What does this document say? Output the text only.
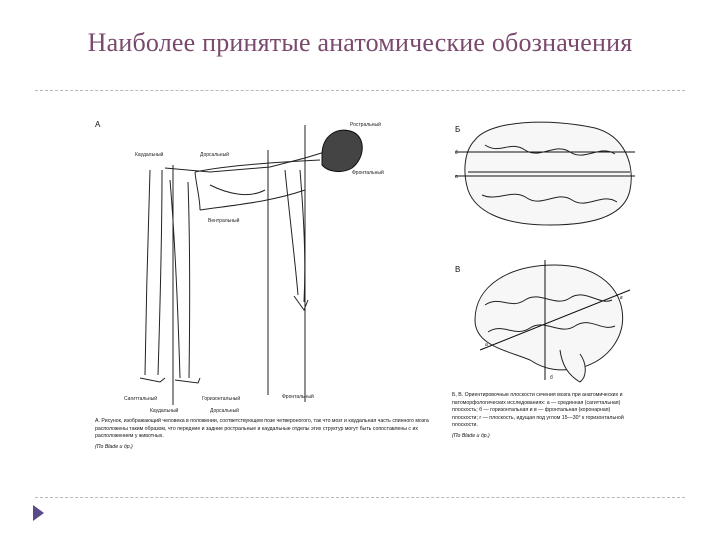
Наиболее принятые анатомические обозначения
А	Ростральный
Каудальный	Дорсальный
Фронтальный
Вентральный
Сагиттальный	Горизонтальный
Каудальный	Дорсальный
Фронтальный
А. Рисунок, изображающий человека в положении, соответствующем позе четвероногого, так что мозг и каудальная часть спинного мозга расположены таким образом, что передние и задние ростральные и каудальные отделы этих структур могут быть сопоставлены с их расположением у животных.
(По Blade и др.)
Б
б
а
В
а
б
в
Б, В. Ориентировочные плоскости сечения мозга при анатомических и патоморфологических исследованиях: а — срединная (сагиттальная) плоскость; б — горизонтальная и в — фронтальная (коронарная) плоскости; г — плоскость, идущая под углом 15—30° к горизонтальной плоскости.
(По Blade и др.)
